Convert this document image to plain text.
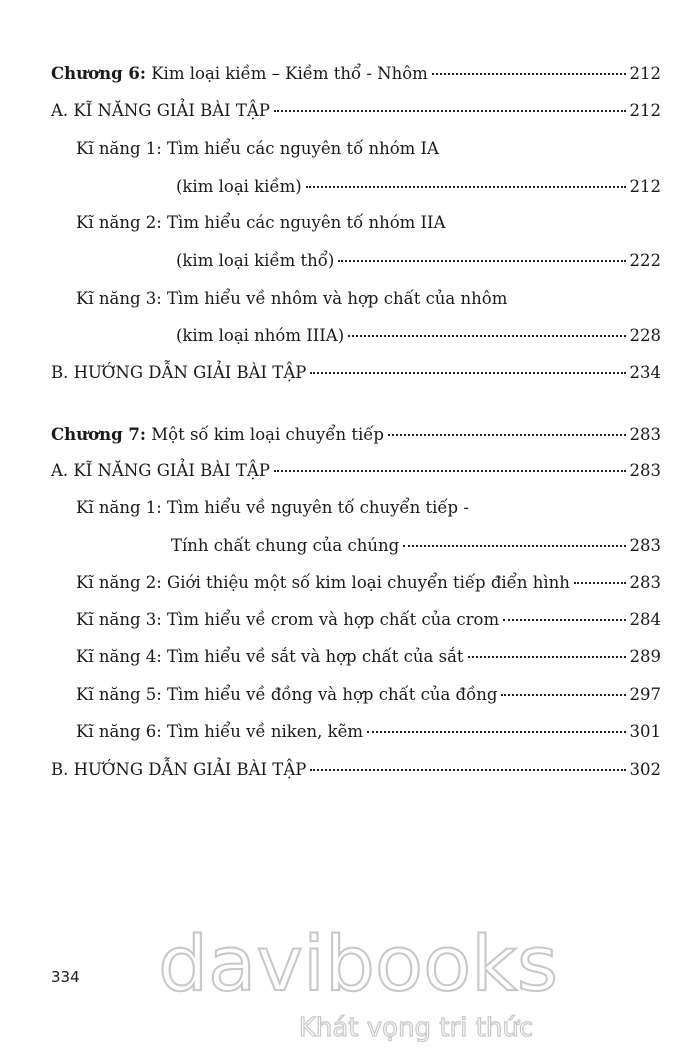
Chương 6: Kim loại kiềm – Kiềm thổ - Nhôm	212
A. KĨ NĂNG GIẢI BÀI TẬP	212
Kĩ năng 1: Tìm hiểu các nguyên tố nhóm IA
(kim loại kiềm)	212
Kĩ năng 2: Tìm hiểu các nguyên tố nhóm IIA
(kim loại kiềm thổ)	222
Kĩ năng 3: Tìm hiểu về nhôm và hợp chất của nhôm
(kim loại nhóm IIIA)	228
B. HƯỚNG DẪN GIẢI BÀI TẬP	234
Chương 7: Một số kim loại chuyển tiếp	283
A. KĨ NĂNG GIẢI BÀI TẬP	283
Kĩ năng 1: Tìm hiểu về nguyên tố chuyển tiếp -
Tính chất chung của chúng	283
Kĩ năng 2: Giới thiệu một số kim loại chuyển tiếp điển hình	283
Kĩ năng 3: Tìm hiểu về crom và hợp chất của crom	284
Kĩ năng 4: Tìm hiểu về sắt và hợp chất của sắt	289
Kĩ năng 5: Tìm hiểu về đồng và hợp chất của đồng	297
Kĩ năng 6: Tìm hiểu về niken, kẽm	301
B. HƯỚNG DẪN GIẢI BÀI TẬP	302
334 davibooks
Khát vọng tri thức
